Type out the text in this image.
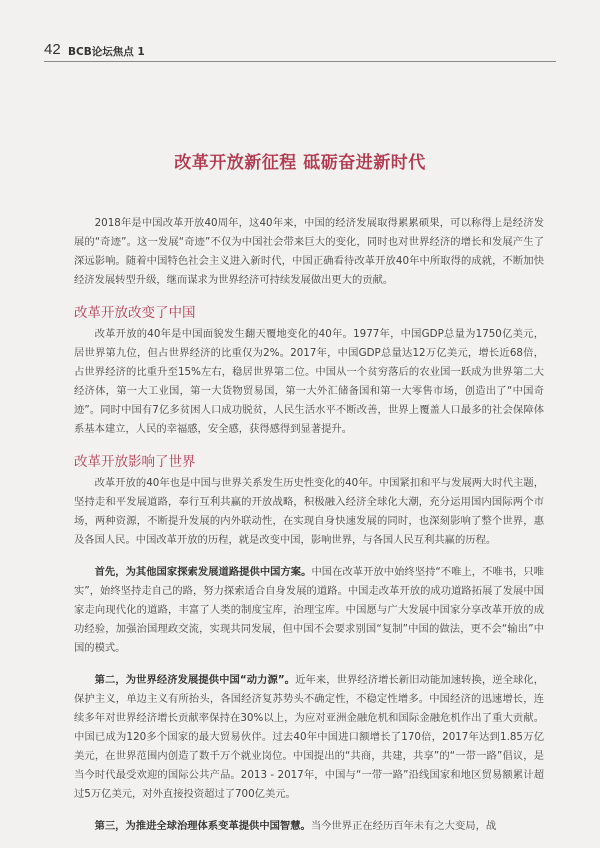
42 BCB论坛焦点 1
改革开放新征程 砥砺奋进新时代

2018年是中国改革开放40周年，这40年来，中国的经济发展取得累累硕果，可以称得上是经济发展的“奇迹”。这一发展“奇迹”不仅为中国社会带来巨大的变化，同时也对世界经济的增长和发展产生了深远影响。随着中国特色社会主义进入新时代，中国正确看待改革开放40年中所取得的成就，不断加快经济发展转型升级，继而谋求为世界经济可持续发展做出更大的贡献。

改革开放改变了中国

改革开放的40年是中国面貌发生翻天覆地变化的40年。1977年，中国GDP总量为1750亿美元，居世界第九位，但占世界经济的比重仅为2%。2017年，中国GDP总量达12万亿美元，增长近68倍，占世界经济的比重升至15%左右，稳居世界第二位。中国从一个贫穷落后的农业国一跃成为世界第二大经济体，第一大工业国，第一大货物贸易国，第一大外汇储备国和第一大零售市场，创造出了“中国奇迹”。同时中国有7亿多贫困人口成功脱贫，人民生活水平不断改善，世界上覆盖人口最多的社会保障体系基本建立，人民的幸福感，安全感，获得感得到显著提升。

改革开放影响了世界

改革开放的40年也是中国与世界关系发生历史性变化的40年。中国紧扣和平与发展两大时代主题，坚持走和平发展道路，奉行互利共赢的开放战略，积极融入经济全球化大潮，充分运用国内国际两个市场，两种资源，不断提升发展的内外联动性，在实现自身快速发展的同时，也深刻影响了整个世界，惠及各国人民。中国改革开放的历程，就是改变中国，影响世界，与各国人民互利共赢的历程。

首先，为其他国家探索发展道路提供中国方案。中国在改革开放中始终坚持“不唯上，不唯书，只唯实”，始终坚持走自己的路，努力探索适合自身发展的道路。中国走改革开放的成功道路拓展了发展中国家走向现代化的道路，丰富了人类的制度宝库，治理宝库。中国愿与广大发展中国家分享改革开放的成功经验，加强治国理政交流，实现共同发展，但中国不会要求别国“复制”中国的做法，更不会“输出”中国的模式。

第二，为世界经济发展提供中国“动力源”。近年来，世界经济增长新旧动能加速转换，逆全球化，保护主义，单边主义有所抬头，各国经济复苏势头不确定性，不稳定性增多。中国经济的迅速增长，连续多年对世界经济增长贡献率保持在30%以上，为应对亚洲金融危机和国际金融危机作出了重大贡献。中国已成为120多个国家的最大贸易伙伴。过去40年中国进口额增长了170倍，2017年达到1.85万亿美元，在世界范围内创造了数千万个就业岗位。中国提出的“共商，共建，共享”的“一带一路”倡议，是当今时代最受欢迎的国际公共产品。2013 - 2017年，中国与“一带一路”沿线国家和地区贸易额累计超过5万亿美元，对外直接投资超过了700亿美元。

第三，为推进全球治理体系变革提供中国智慧。当今世界正在经历百年未有之大变局，战
